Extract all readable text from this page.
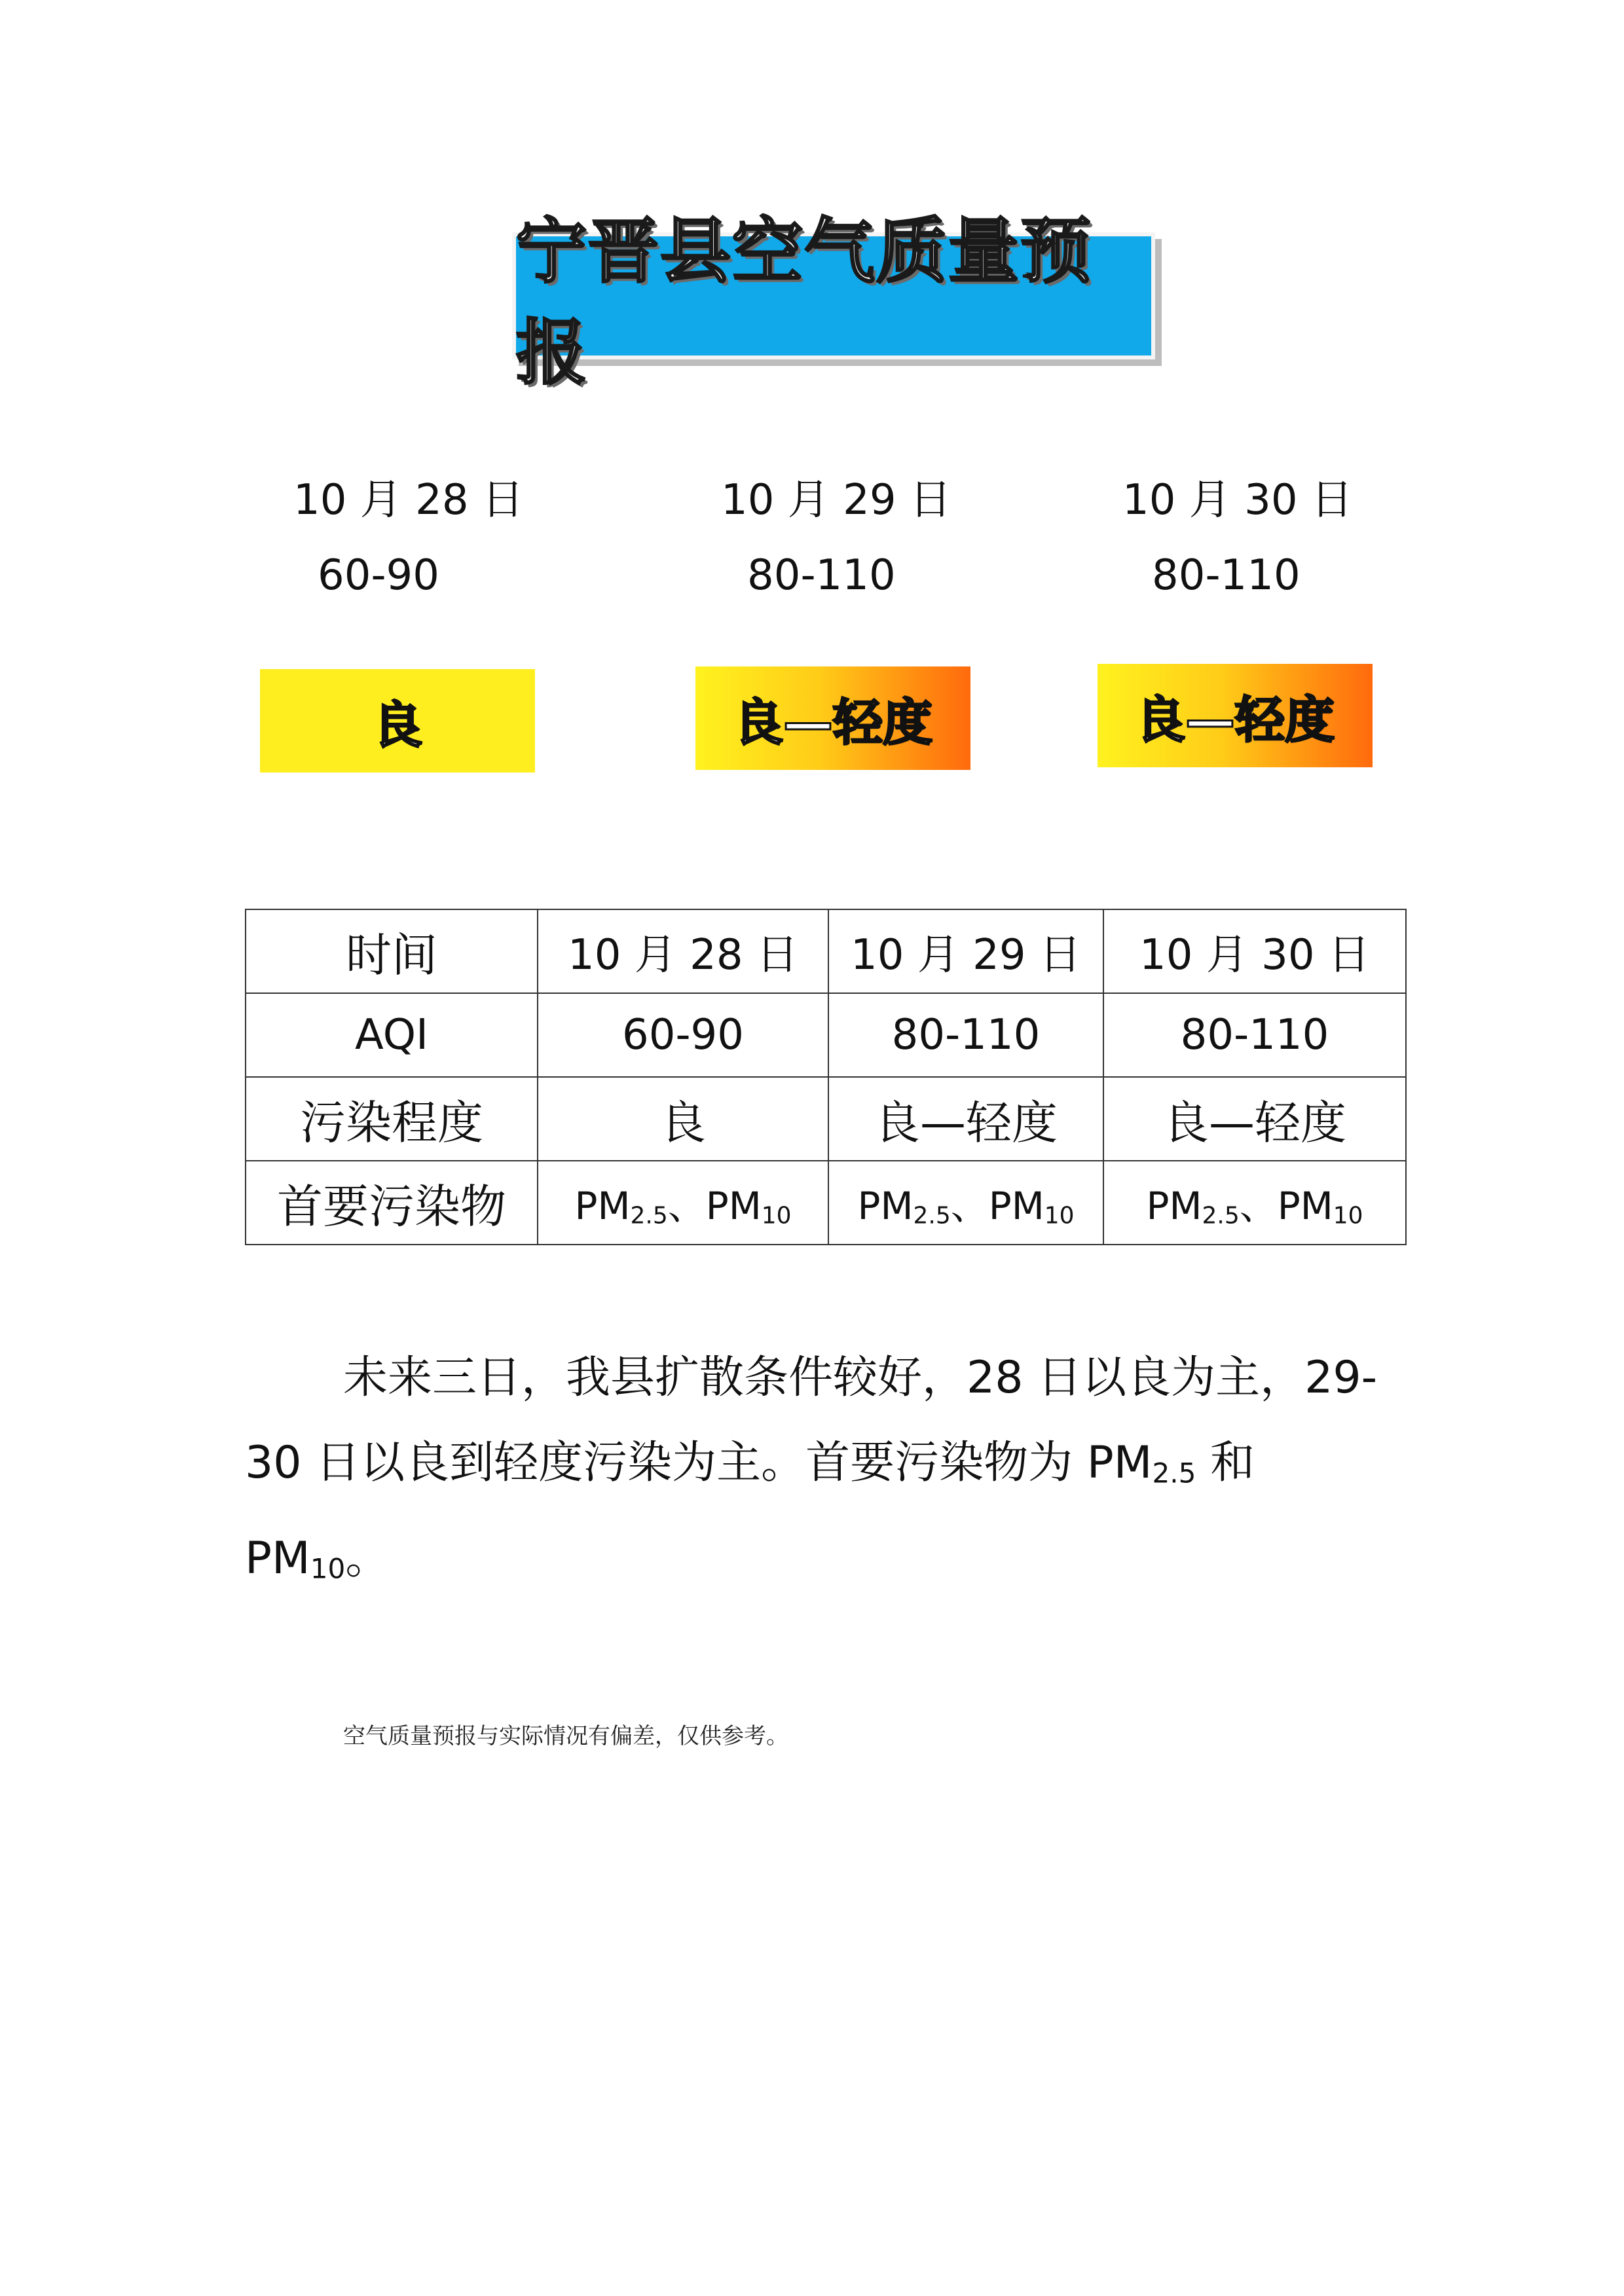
宁晋县空气质量预报
10 月 28 日	10 月 29 日	10 月 30 日
60-90	80-110	80-110
良	良—轻度	良—轻度
时间	10 月 28 日	10 月 29 日	10 月 30 日
AQI	60-90	80-110	80-110
污染程度	良	良—轻度	良—轻度
首要污染物	$PM_{2.5}$、$PM_{10}$	$PM_{2.5}$、$PM_{10}$	$PM_{2.5}$、$PM_{10}$
未来三日，我县扩散条件较好，28 日以良为主，29-30 日以良到轻度污染为主。首要污染物为 $PM_{2.5}$ 和$PM_{10}$。
空气质量预报与实际情况有偏差，仅供参考。
